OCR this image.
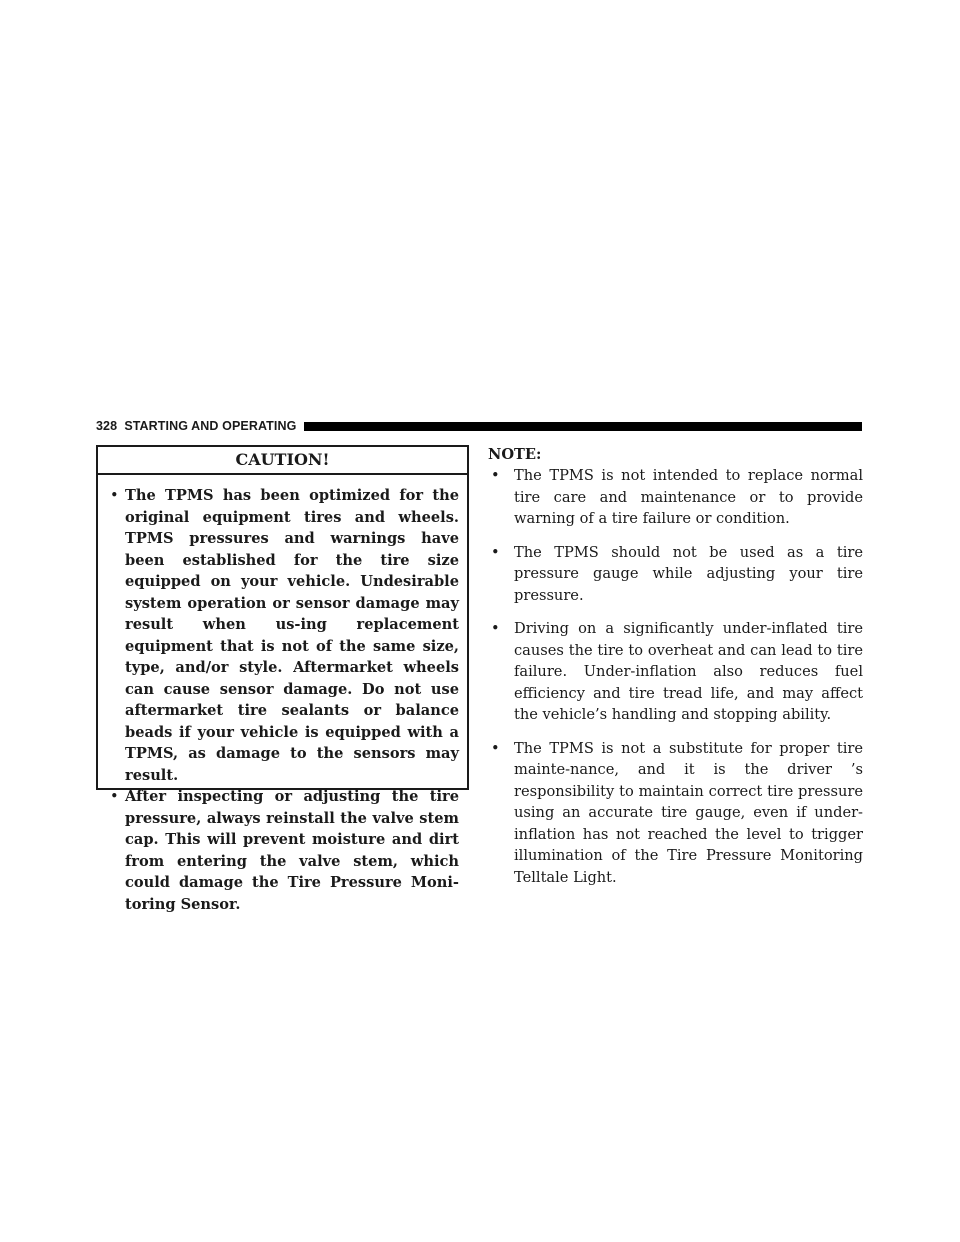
328 STARTING AND OPERATING
CAUTION!
• The TPMS has been optimized for the original equipment tires and wheels. TPMS pressures and warnings have been established for the tire size equipped on your vehicle. Undesirable system operation or sensor damage may result when us-ing replacement equipment that is not of the same size, type, and/or style. Aftermarket wheels can cause sensor damage. Do not use aftermarket tire sealants or balance beads if your vehicle is equipped with a TPMS, as damage to the sensors may result.
• After inspecting or adjusting the tire pressure, always reinstall the valve stem cap. This will prevent moisture and dirt from entering the valve stem, which could damage the Tire Pressure Moni-toring Sensor.
NOTE:
• The TPMS is not intended to replace normal tire care and maintenance or to provide warning of a tire failure or condition.
• The TPMS should not be used as a tire pressure gauge while adjusting your tire pressure.
• Driving on a significantly under-inflated tire causes the tire to overheat and can lead to tire failure. Under-inflation also reduces fuel efficiency and tire tread life, and may affect the vehicle’s handling and stopping ability.
• The TPMS is not a substitute for proper tire mainte-nance, and it is the driver ’s responsibility to maintain correct tire pressure using an accurate tire gauge, even if under-inflation has not reached the level to trigger illumination of the Tire Pressure Monitoring Telltale Light.
